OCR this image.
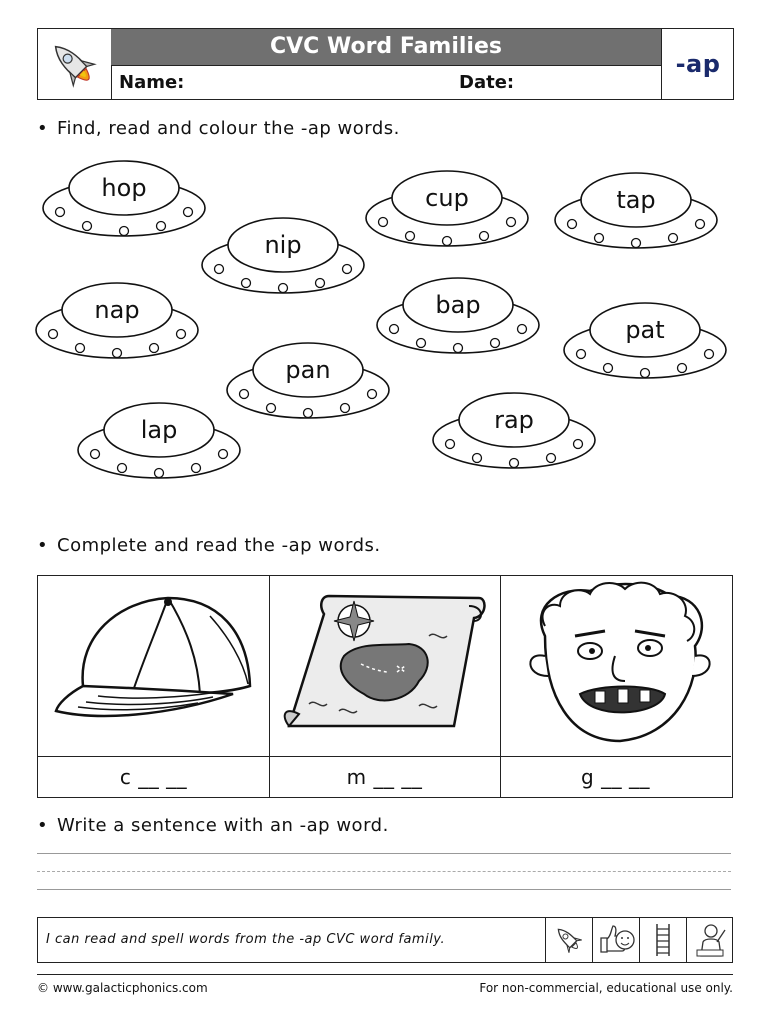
CVC Word Families
Name:	Date:
-ap
• Find, read and colour the -ap words.
hop	cup	tap
nip
nap	bap
pat
pan
lap	rap
• Complete and read the -ap words.
c __ __	m __ __	g __ __
• Write a sentence with an -ap word.
I can read and spell words from the -ap CVC word family.
© www.galacticphonics.com	For non-commercial, educational use only.
